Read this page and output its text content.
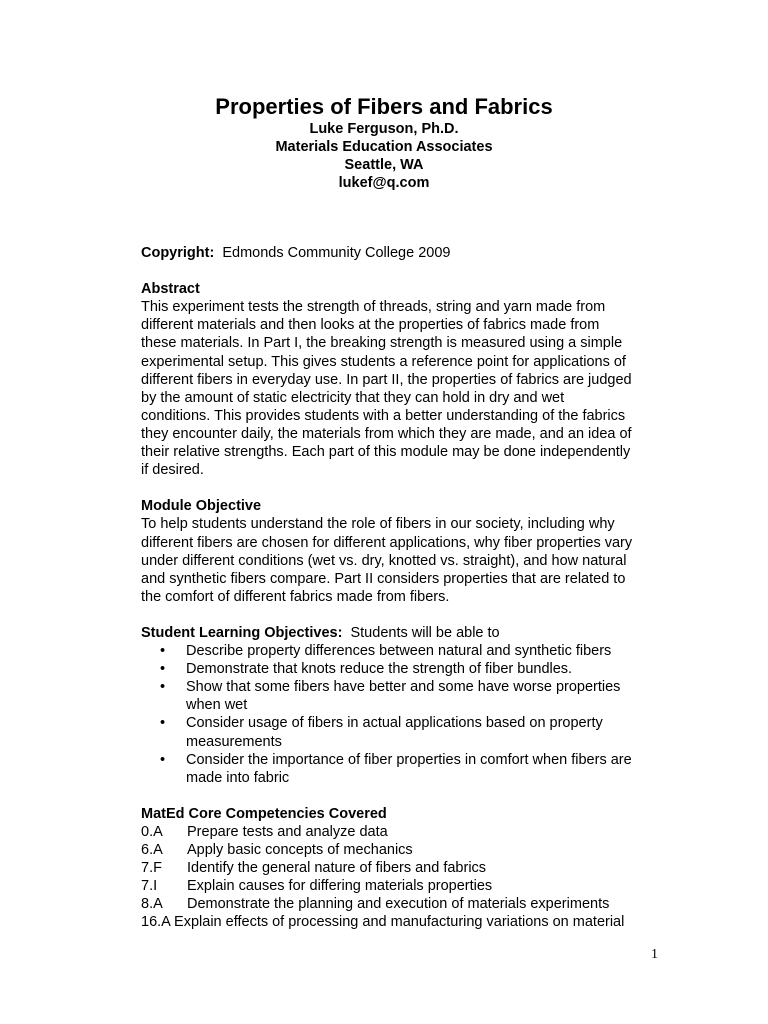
Properties of Fibers and Fabrics
Luke Ferguson, Ph.D.
Materials Education Associates
Seattle, WA
lukef@q.com

Copyright: Edmonds Community College 2009

Abstract

This experiment tests the strength of threads, string and yarn made from
different materials and then looks at the properties of fabrics made from
these materials. In Part I, the breaking strength is measured using a simple
experimental setup. This gives students a reference point for applications of
different fibers in everyday use. In part II, the properties of fabrics are judged
by the amount of static electricity that they can hold in dry and wet
conditions. This provides students with a better understanding of the fabrics
they encounter daily, the materials from which they are made, and an idea of
their relative strengths. Each part of this module may be done independently
if desired.

Module Objective

To help students understand the role of fibers in our society, including why
different fibers are chosen for different applications, why fiber properties vary
under different conditions (wet vs. dry, knotted vs. straight), and how natural
and synthetic fibers compare. Part II considers properties that are related to
the comfort of different fabrics made from fibers.

Student Learning Objectives: Students will be able to

• Describe property differences between natural and synthetic fibers
• Demonstrate that knots reduce the strength of fiber bundles.
• Show that some fibers have better and some have worse properties
when wet
• Consider usage of fibers in actual applications based on property
measurements
• Consider the importance of fiber properties in comfort when fibers are
made into fabric

MatEd Core Competencies Covered

0.A	Prepare tests and analyze data
6.A	Apply basic concepts of mechanics
7.F	Identify the general nature of fibers and fabrics
7.I	Explain causes for differing materials properties
8.A	Demonstrate the planning and execution of materials experiments
16.A Explain effects of processing and manufacturing variations on material
1
